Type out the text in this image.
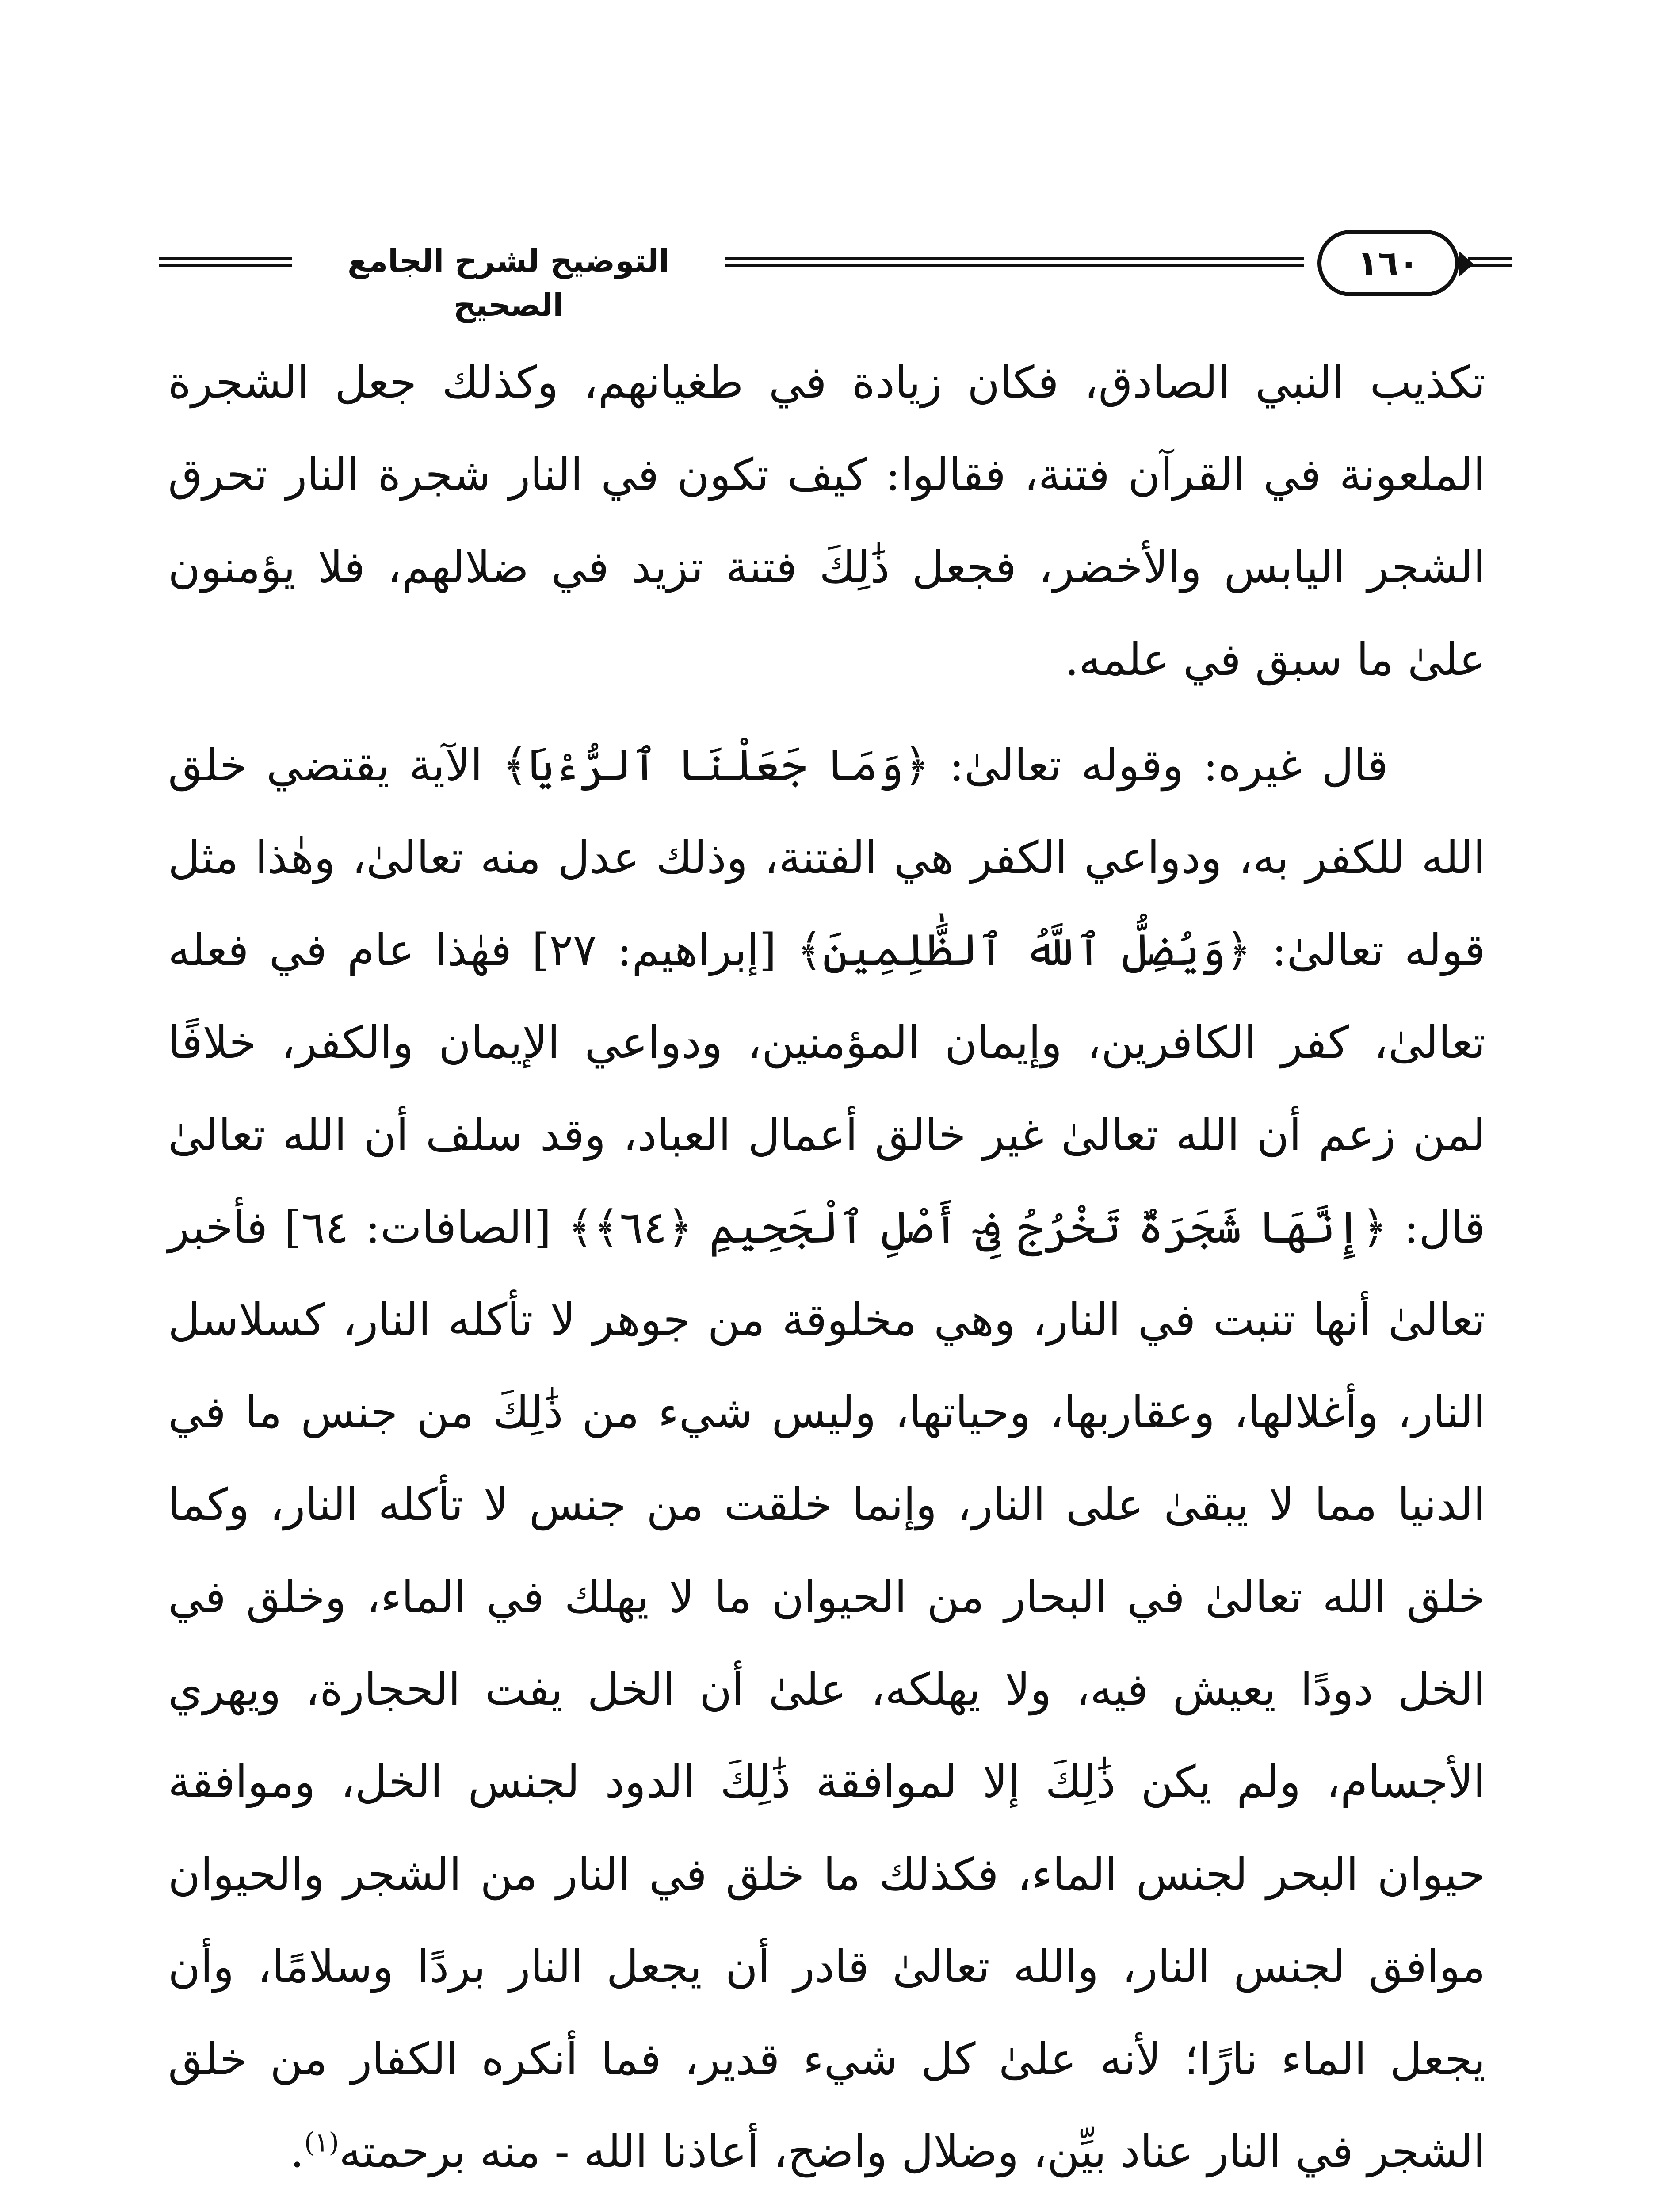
التوضيح لشرح الجامع الصحيح
١٦٠

تكذيب النبي الصادق، فكان زيادة في طغيانهم، وكذلك جعل الشجرة الملعونة في القرآن فتنة، فقالوا: كيف تكون في النار شجرة النار تحرق الشجر اليابس والأخضر، فجعل ذَٰلِكَ فتنة تزيد في ضلالهم، فلا يؤمنون علىٰ ما سبق في علمه.

قال غيره: وقوله تعالىٰ: ﴿وَمَا جَعَلْنَا ٱلرُّءْيَا﴾ الآية يقتضي خلق الله للكفر به، ودواعي الكفر هي الفتنة، وذلك عدل منه تعالىٰ، وهٰذا مثل قوله تعالىٰ: ﴿وَيُضِلُّ ٱللَّهُ ٱلظَّٰلِمِينَ﴾ [إبراهيم: ٢٧] فهٰذا عام في فعله تعالىٰ، كفر الكافرين، وإيمان المؤمنين، ودواعي الإيمان والكفر، خلافًا لمن زعم أن الله تعالىٰ غير خالق أعمال العباد، وقد سلف أن الله تعالىٰ قال: ﴿إِنَّهَا شَجَرَةٌ تَخْرُجُ فِىٓ أَصْلِ ٱلْجَحِيمِ ﴿٦٤﴾﴾ [الصافات: ٦٤] فأخبر تعالىٰ أنها تنبت في النار، وهي مخلوقة من جوهر لا تأكله النار، كسلاسل النار، وأغلالها، وعقاربها، وحياتها، وليس شيء من ذَٰلِكَ من جنس ما في الدنيا مما لا يبقىٰ على النار، وإنما خلقت من جنس لا تأكله النار، وكما خلق الله تعالىٰ في البحار من الحيوان ما لا يهلك في الماء، وخلق في الخل دودًا يعيش فيه، ولا يهلكه، علىٰ أن الخل يفت الحجارة، ويهري الأجسام، ولم يكن ذَٰلِكَ إلا لموافقة ذَٰلِكَ الدود لجنس الخل، وموافقة حيوان البحر لجنس الماء، فكذلك ما خلق في النار من الشجر والحيوان موافق لجنس النار، والله تعالىٰ قادر أن يجعل النار بردًا وسلامًا، وأن يجعل الماء نارًا؛ لأنه علىٰ كل شيء قدير، فما أنكره الكفار من خلق الشجر في النار عناد بيِّن، وضلال واضح، أعاذنا الله - منه برحمته$^{(١)}$.
